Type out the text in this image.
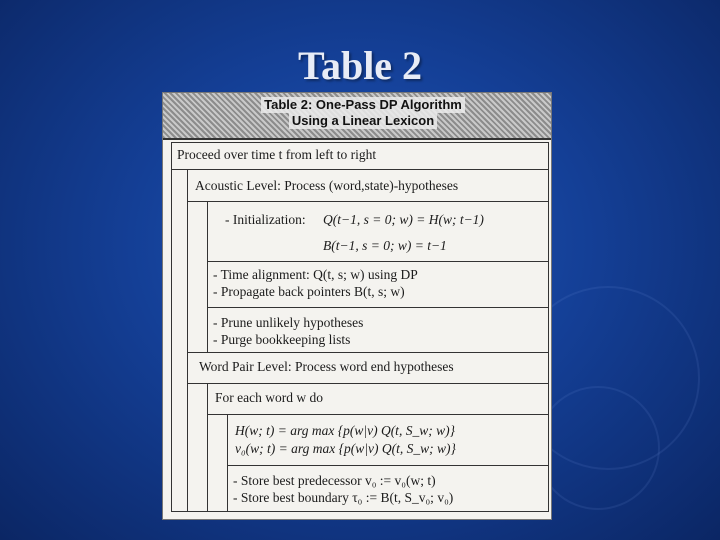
Table 2
Table 2: One-Pass DP Algorithm
Using a Linear Lexicon
Proceed over time t from left to right
Acoustic Level: Process (word,state)-hypotheses
- Initialization: Q(t−1, s = 0; w) = H(w; t−1)
B(t−1, s = 0; w) = t−1
- Time alignment: Q(t, s; w) using DP
- Propagate back pointers B(t, s; w)
- Prune unlikely hypotheses
- Purge bookkeeping lists
Word Pair Level: Process word end hypotheses
For each word w do
H(w; t) = arg max {p(w|v) Q(t, S_w; w)}
v₀(w; t) = arg max {p(w|v) Q(t, S_w; w)}
- Store best predecessor v₀ := v₀(w; t)
- Store best boundary τ₀ := B(t, S_v₀; v₀)
